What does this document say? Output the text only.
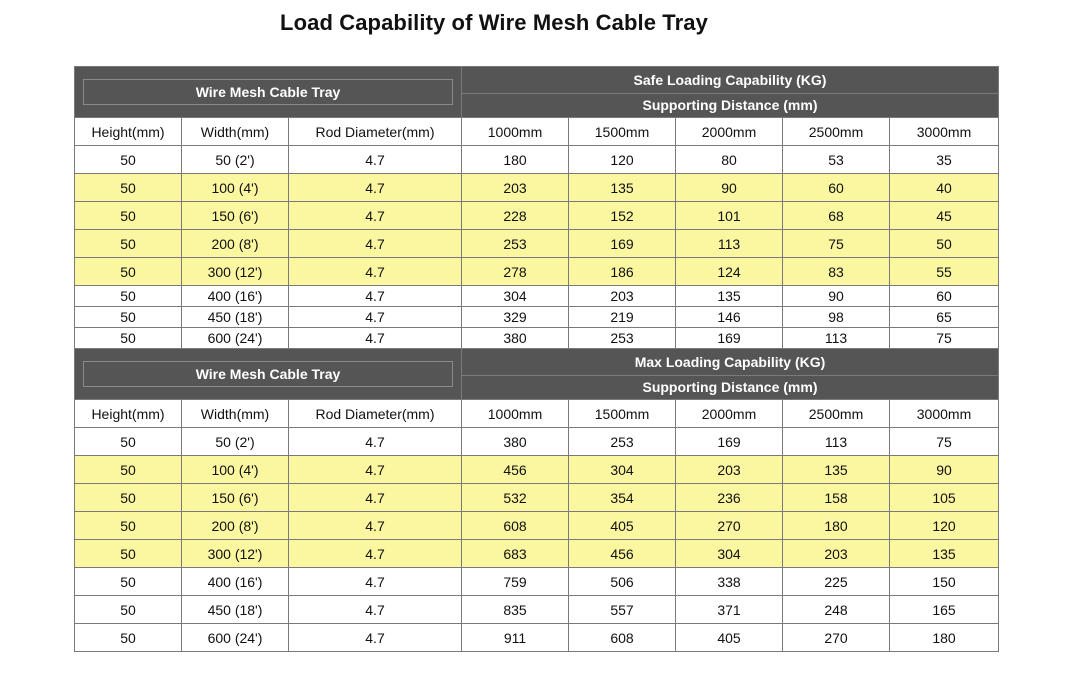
Load Capability of Wire Mesh Cable Tray
Wire Mesh Cable Tray			Safe Loading Capability (KG)				
			Supporting Distance (mm)				
Height(mm)	Width(mm)	Rod Diameter(mm)	1000mm	1500mm	2000mm	2500mm	3000mm
50	50 (2')	4.7	180	120	80	53	35
50	100 (4')	4.7	203	135	90	60	40
50	150 (6')	4.7	228	152	101	68	45
50	200 (8')	4.7	253	169	113	75	50
50	300 (12')	4.7	278	186	124	83	55
50	400 (16')	4.7	304	203	135	90	60
50	450 (18')	4.7	329	219	146	98	65
50	600 (24')	4.7	380	253	169	113	75

Wire Mesh Cable Tray			Max Loading Capability (KG)				
			Supporting Distance (mm)				
Height(mm)	Width(mm)	Rod Diameter(mm)	1000mm	1500mm	2000mm	2500mm	3000mm
50	50 (2')	4.7	380	253	169	113	75
50	100 (4')	4.7	456	304	203	135	90
50	150 (6')	4.7	532	354	236	158	105
50	200 (8')	4.7	608	405	270	180	120
50	300 (12')	4.7	683	456	304	203	135
50	400 (16')	4.7	759	506	338	225	150
50	450 (18')	4.7	835	557	371	248	165
50	600 (24')	4.7	911	608	405	270	180
